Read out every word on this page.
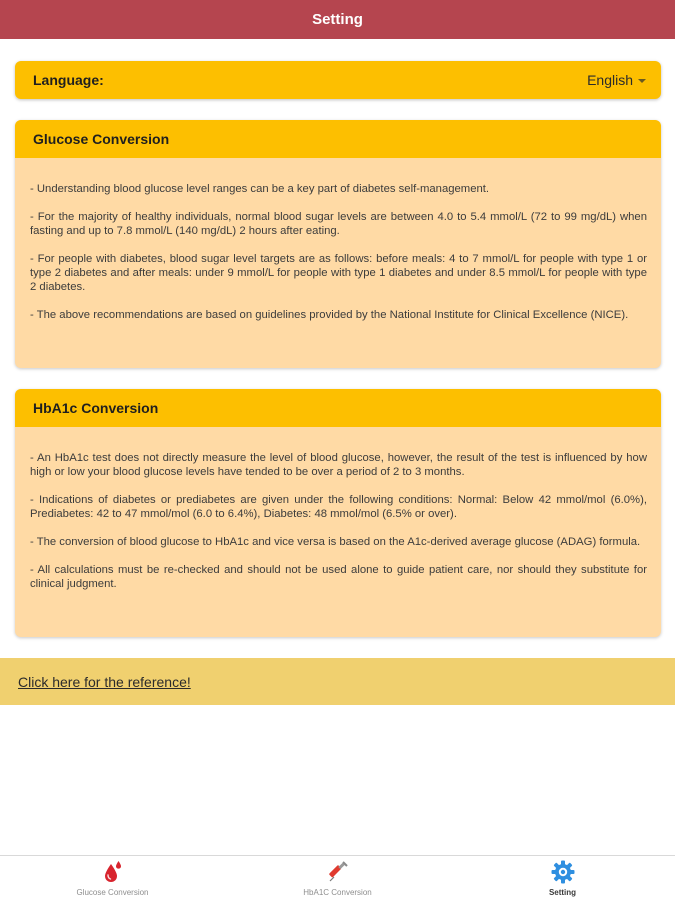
Setting
Language:	English
Glucose Conversion

- Understanding blood glucose level ranges can be a key part of diabetes self-management.

- For the majority of healthy individuals, normal blood sugar levels are between 4.0 to 5.4 mmol/L (72 to 99 mg/dL) when fasting and up to 7.8 mmol/L (140 mg/dL) 2 hours after eating.

- For people with diabetes, blood sugar level targets are as follows: before meals: 4 to 7 mmol/L for people with type 1 or type 2 diabetes and after meals: under 9 mmol/L for people with type 1 diabetes and under 8.5 mmol/L for people with type 2 diabetes.

- The above recommendations are based on guidelines provided by the National Institute for Clinical Excellence (NICE).

HbA1c Conversion

- An HbA1c test does not directly measure the level of blood glucose, however, the result of the test is influenced by how high or low your blood glucose levels have tended to be over a period of 2 to 3 months.

- Indications of diabetes or prediabetes are given under the following conditions: Normal: Below 42 mmol/mol (6.0%), Prediabetes: 42 to 47 mmol/mol (6.0 to 6.4%), Diabetes: 48 mmol/mol (6.5% or over).

- The conversion of blood glucose to HbA1c and vice versa is based on the A1c-derived average glucose (ADAG) formula.

- All calculations must be re-checked and should not be used alone to guide patient care, nor should they substitute for clinical judgment.

Click here for the reference!
Glucose Conversion	HbA1C Conversion	Setting
